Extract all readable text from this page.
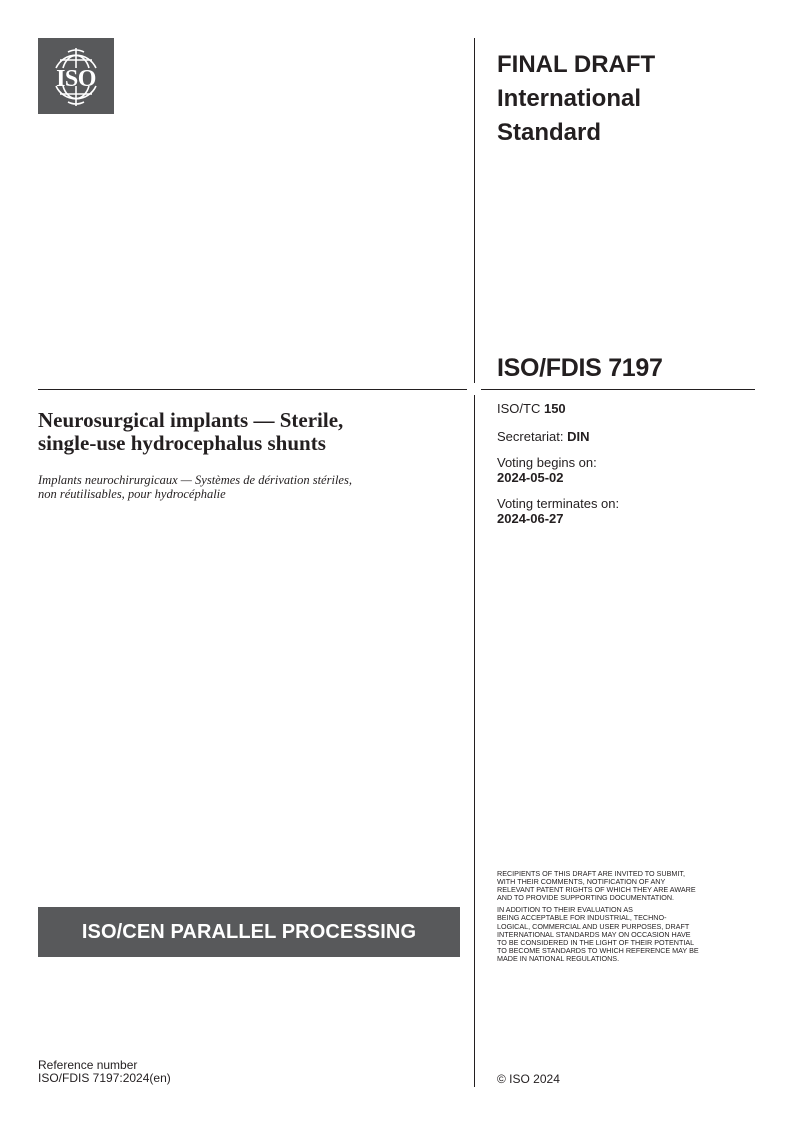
ISO
FINAL DRAFT
International
Standard
ISO/FDIS 7197
Neurosurgical implants — Sterile,
single-use hydrocephalus shunts
Implants neurochirurgicaux — Systèmes de dérivation stériles,
non réutilisables, pour hydrocéphalie
ISO/TC 150
Secretariat: DIN
Voting begins on:
2024-05-02
Voting terminates on:
2024-06-27

RECIPIENTS OF THIS DRAFT ARE INVITED TO SUBMIT,
WITH THEIR COMMENTS, NOTIFICATION OF ANY
RELEVANT PATENT RIGHTS OF WHICH THEY ARE AWARE
AND TO PROVIDE SUPPORTING DOCUMENTATION.

IN ADDITION TO THEIR EVALUATION AS
BEING ACCEPTABLE FOR INDUSTRIAL, TECHNO-
LOGICAL, COMMERCIAL AND USER PURPOSES, DRAFT
INTERNATIONAL STANDARDS MAY ON OCCASION HAVE
TO BE CONSIDERED IN THE LIGHT OF THEIR POTENTIAL
TO BECOME STANDARDS TO WHICH REFERENCE MAY BE
MADE IN NATIONAL REGULATIONS.

ISO/CEN PARALLEL PROCESSING
Reference number
ISO/FDIS 7197:2024(en)	© ISO 2024
